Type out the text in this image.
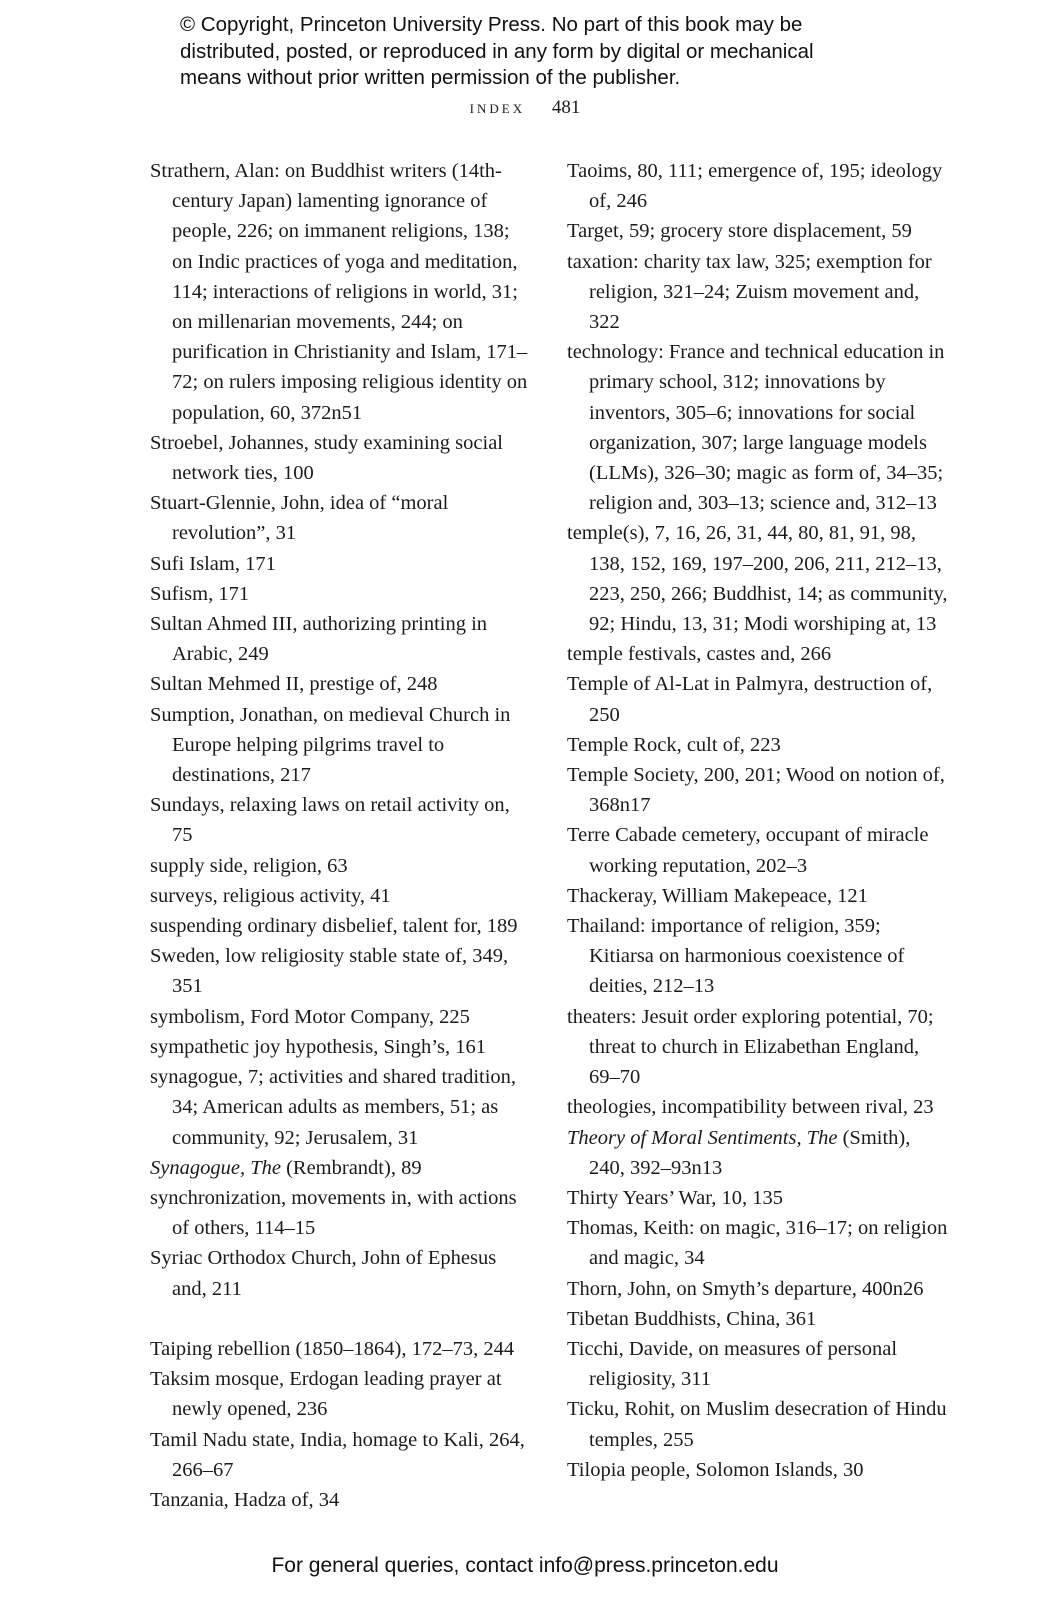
© Copyright, Princeton University Press. No part of this book may be
distributed, posted, or reproduced in any form by digital or mechanical
means without prior written permission of the publisher.
index 481

Strathern, Alan: on Buddhist writers (14th-century Japan) lamenting ignorance of people, 226; on immanent religions, 138; on Indic practices of yoga and meditation, 114; interactions of religions in world, 31; on millenarian movements, 244; on purification in Christianity and Islam, 171–72; on rulers imposing religious identity on population, 60, 372n51

Stroebel, Johannes, study examining social network ties, 100

Stuart-Glennie, John, idea of “moral revolution”, 31

Sufi Islam, 171

Sufism, 171

Sultan Ahmed III, authorizing printing in Arabic, 249

Sultan Mehmed II, prestige of, 248

Sumption, Jonathan, on medieval Church in Europe helping pilgrims travel to destinations, 217

Sundays, relaxing laws on retail activity on, 75

supply side, religion, 63

surveys, religious activity, 41

suspending ordinary disbelief, talent for, 189

Sweden, low religiosity stable state of, 349, 351

symbolism, Ford Motor Company, 225

sympathetic joy hypothesis, Singh’s, 161

synagogue, 7; activities and shared tradition, 34; American adults as members, 51; as community, 92; Jerusalem, 31

Synagogue, The (Rembrandt), 89

synchronization, movements in, with actions of others, 114–15

Syriac Orthodox Church, John of Ephesus and, 211

Taiping rebellion (1850–1864), 172–73, 244

Taksim mosque, Erdogan leading prayer at newly opened, 236

Tamil Nadu state, India, homage to Kali, 264, 266–67

Tanzania, Hadza of, 34

Taoims, 80, 111; emergence of, 195; ideology of, 246

Target, 59; grocery store displacement, 59

taxation: charity tax law, 325; exemption for religion, 321–24; Zuism movement and, 322

technology: France and technical education in primary school, 312; innovations by inventors, 305–6; innovations for social organization, 307; large language models (LLMs), 326–30; magic as form of, 34–35; religion and, 303–13; science and, 312–13

temple(s), 7, 16, 26, 31, 44, 80, 81, 91, 98, 138, 152, 169, 197–200, 206, 211, 212–13, 223, 250, 266; Buddhist, 14; as community, 92; Hindu, 13, 31; Modi worshiping at, 13

temple festivals, castes and, 266

Temple of Al-Lat in Palmyra, destruction of, 250

Temple Rock, cult of, 223

Temple Society, 200, 201; Wood on notion of, 368n17

Terre Cabade cemetery, occupant of miracle working reputation, 202–3

Thackeray, William Makepeace, 121

Thailand: importance of religion, 359; Kitiarsa on harmonious coexistence of deities, 212–13

theaters: Jesuit order exploring potential, 70; threat to church in Elizabethan England, 69–70

theologies, incompatibility between rival, 23

Theory of Moral Sentiments, The (Smith), 240, 392–93n13

Thirty Years’ War, 10, 135

Thomas, Keith: on magic, 316–17; on religion and magic, 34

Thorn, John, on Smyth’s departure, 400n26

Tibetan Buddhists, China, 361

Ticchi, Davide, on measures of personal religiosity, 311

Ticku, Rohit, on Muslim desecration of Hindu temples, 255

Tilopia people, Solomon Islands, 30

For general queries, contact info@press.princeton.edu
